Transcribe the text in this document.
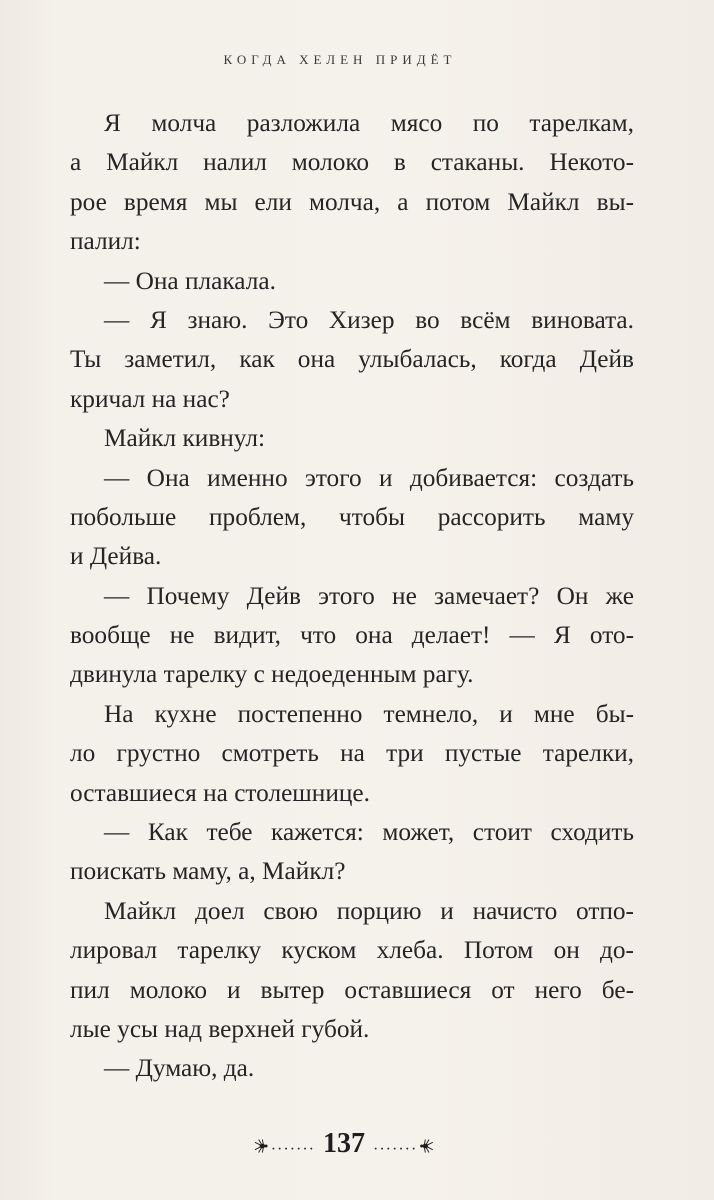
КОГДА ХЕЛЕН ПРИДЁТ
Я молча разложила мясо по тарелкам,
а Майкл налил молоко в стаканы. Некото-
рое время мы ели молча, а потом Майкл вы-
палил:
— Она плакала.
— Я знаю. Это Хизер во всём виновата.
Ты заметил, как она улыбалась, когда Дейв
кричал на нас?
Майкл кивнул:
— Она именно этого и добивается: создать
побольше проблем, чтобы рассорить маму
и Дейва.
— Почему Дейв этого не замечает? Он же
вообще не видит, что она делает! — Я ото-
двинула тарелку с недоеденным рагу.
На кухне постепенно темнело, и мне бы-
ло грустно смотреть на три пустые тарелки,
оставшиеся на столешнице.
— Как тебе кажется: может, стоит сходить
поискать маму, а, Майкл?
Майкл доел свою порцию и начисто отпо-
лировал тарелку куском хлеба. Потом он до-
пил молоко и вытер оставшиеся от него бе-
лые усы над верхней губой.
— Думаю, да.
······· 137 ·······
